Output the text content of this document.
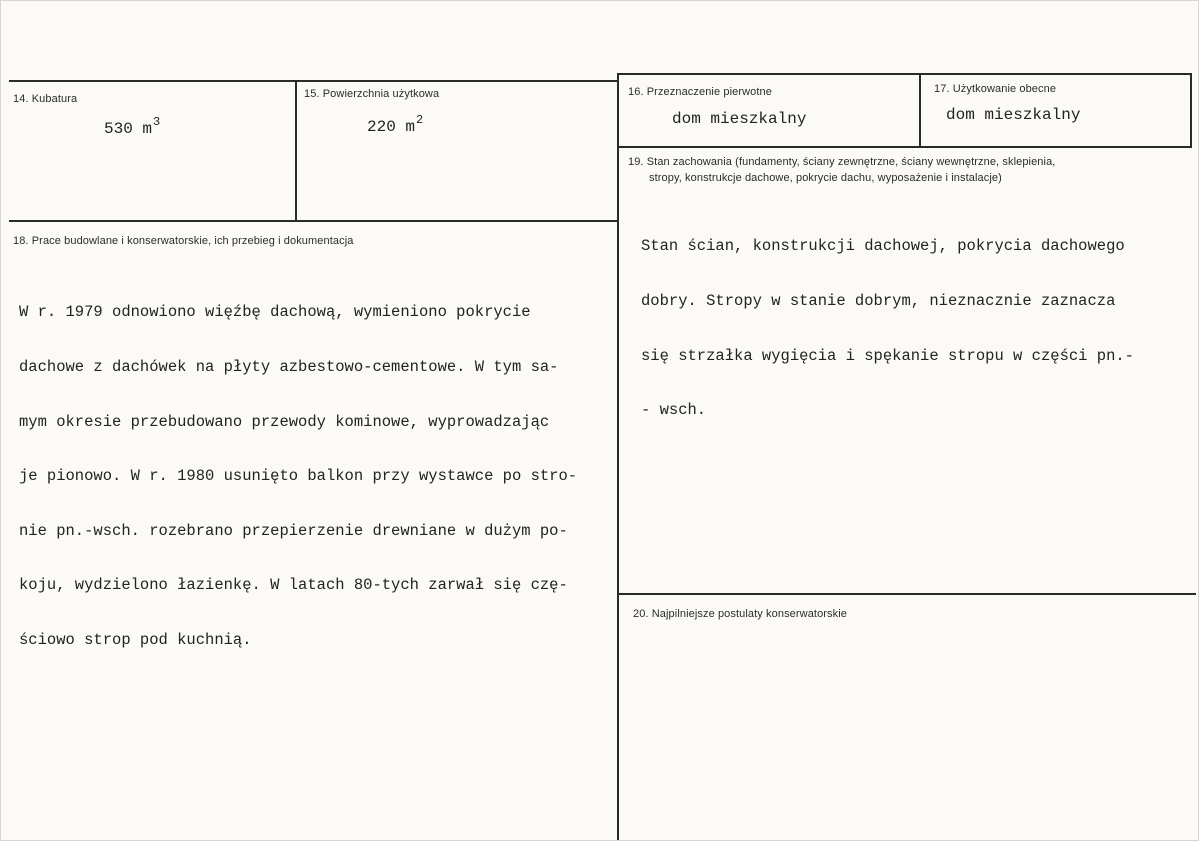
14. Kubatura
530 $m^3$
15. Powierzchnia użytkowa
220 $m^2$
16. Przeznaczenie pierwotne
dom mieszkalny
17. Użytkowanie obecne
dom mieszkalny
18. Prace budowlane i konserwatorskie, ich przebieg i dokumentacja

W r. 1979 odnowiono więźbę dachową, wymieniono pokrycie

dachowe z dachówek na płyty azbestowo-cementowe. W tym sa-

mym okresie przebudowano przewody kominowe, wyprowadzając

je pionowo. W r. 1980 usunięto balkon przy wystawce po stro-

nie pn.-wsch. rozebrano przepierzenie drewniane w dużym po-

koju, wydzielono łazienkę. W latach 80-tych zarwał się czę-

ściowo strop pod kuchnią.

19. Stan zachowania (fundamenty, ściany zewnętrzne, ściany wewnętrzne, sklepienia,
stropy, konstrukcje dachowe, pokrycie dachu, wyposażenie i instalacje)

Stan ścian, konstrukcji dachowej, pokrycia dachowego

dobry. Stropy w stanie dobrym, nieznacznie zaznacza

się strzałka wygięcia i spękanie stropu w części pn.-

- wsch.

20. Najpilniejsze postulaty konserwatorskie
